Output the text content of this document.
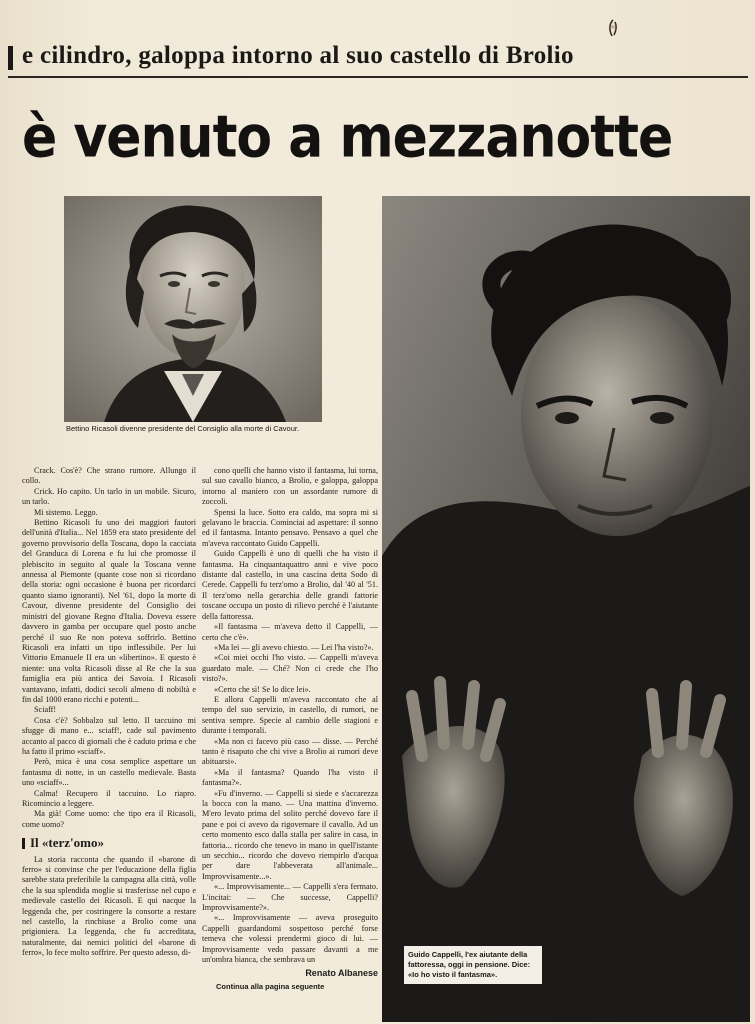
e cilindro, galoppa intorno al suo castello di Brolio
è venuto a mezzanotte
Bettino Ricasoli divenne presidente del Consiglio alla morte di Cavour.
Guido Cappelli, l'ex aiutante della fattoressa, oggi in pensione. Dice: «Io ho visto il fantasma».

Crack. Cos'è? Che strano rumore. Allungo il collo.

Crick. Ho capito. Un tarlo in un mobile. Sicuro, un tarlo.

Mi sistemo. Leggo.

Bettino Ricasoli fu uno dei maggiori fautori dell'unità d'Italia... Nel 1859 era stato presidente del governo provvisorio della Toscana, dopo la cacciata del Granduca di Lorena e fu lui che promosse il plebiscito in seguito al quale la Toscana venne annessa al Piemonte (quante cose non si ricordano della storia: ogni occasione è buona per ricordarci quanto siamo ignoranti). Nel '61, dopo la morte di Cavour, divenne presidente del Consiglio dei ministri del giovane Regno d'Italia. Doveva essere davvero in gamba per occupare quel posto anche perché il suo Re non poteva soffrirlo. Bettino Ricasoli era infatti un tipo inflessibile. Per lui Vittorio Emanuele II era un «libertino». E questo è niente: una volta Ricasoli disse al Re che la sua famiglia era più antica dei Savoia. I Ricasoli vantavano, infatti, dodici secoli almeno di nobiltà e fin dal 1000 erano ricchi e potenti...

Sciaff!

Cosa c'è? Sobbalzo sul letto. Il taccuino mi sfugge di mano e... sciaff!, cade sul pavimento accanto al pacco di giornali che è caduto prima e che ha fatto il primo «sciaff».

Però, mica è una cosa semplice aspettare un fantasma di notte, in un castello medievale. Basta uno «sciaff»...

Calma! Recupero il taccuino. Lo riapro. Ricomincio a leggere.

Ma già! Come uomo: che tipo era il Ricasoli, come uomo?

Il «terz'omo»

La storia racconta che quando il «barone di ferro» si convinse che per l'educazione della figlia sarebbe stata preferibile la campagna alla città, volle che la sua splendida moglie si trasferisse nel cupo e medievale castello dei Ricasoli. E qui nacque la leggenda che, per costringere la consorte a restare nel castello, la rinchiuse a Brolio come una prigioniera. La leggenda, che fu accreditata, naturalmente, dai nemici politici del «barone di ferro», lo fece molto soffrire. Per questo adesso, di-

cono quelli che hanno visto il fantasma, lui torna, sul suo cavallo bianco, a Brolio, e galoppa, galoppa intorno al maniero con un assordante rumore di zoccoli.

Spensi la luce. Sotto era caldo, ma sopra mi si gelavano le braccia. Cominciai ad aspettare: il sonno ed il fantasma. Intanto pensavo. Pensavo a quel che m'aveva raccontato Guido Cappelli.

Guido Cappelli è uno di quelli che ha visto il fantasma. Ha cinquantaquattro anni e vive poco distante dal castello, in una cascina detta Sodo di Cerede. Cappelli fu terz'omo a Brolio, dal '40 al '51. Il terz'omo nella gerarchia delle grandi fattorie toscane occupa un posto di rilievo perché è l'aiutante della fattoressa.

«Il fantasma — m'aveva detto il Cappelli, — certo che c'è».

«Ma lei — gli avevo chiesto. — Lei l'ha visto?».

«Coi miei occhi l'ho visto. — Cappelli m'aveva guardato male. — Ché? Non ci crede che l'ho visto?».

«Certo che sì! Se lo dice lei».

E allora Cappelli m'aveva raccontato che al tempo del suo servizio, in castello, di rumori, ne sentiva sempre. Specie al cambio delle stagioni e durante i temporali.

«Ma non ci facevo più caso — disse. — Perché tanto è risaputo che chi vive a Brolio ai rumori deve abituarsi».

«Ma il fantasma? Quando l'ha visto il fantasma?».

«Fu d'inverno. — Cappelli si siede e s'accarezza la bocca con la mano. — Una mattina d'inverno. M'ero levato prima del solito perché dovevo fare il pane e poi ci avevo da rigovernare il cavallo. Ad un certo momento esco dalla stalla per salire in casa, in fattoria... ricordo che tenevo in mano in quell'istante un secchio... ricordo che dovevo riempirlo d'acqua per dare l'abbeverata all'animale... Improvvisamente...».

«... Improvvisamente... — Cappelli s'era fermato. L'incitai: — Che successe, Cappelli? Improvvisamente?».

«... Improvvisamente — aveva proseguito Cappelli guardandomi sospettoso perché forse temeva che volessi prendermi gioco di lui. — Improvvisamente vedo passare davanti a me un'ombra bianca, che sembrava un

Renato Albanese

Continua alla pagina seguente
